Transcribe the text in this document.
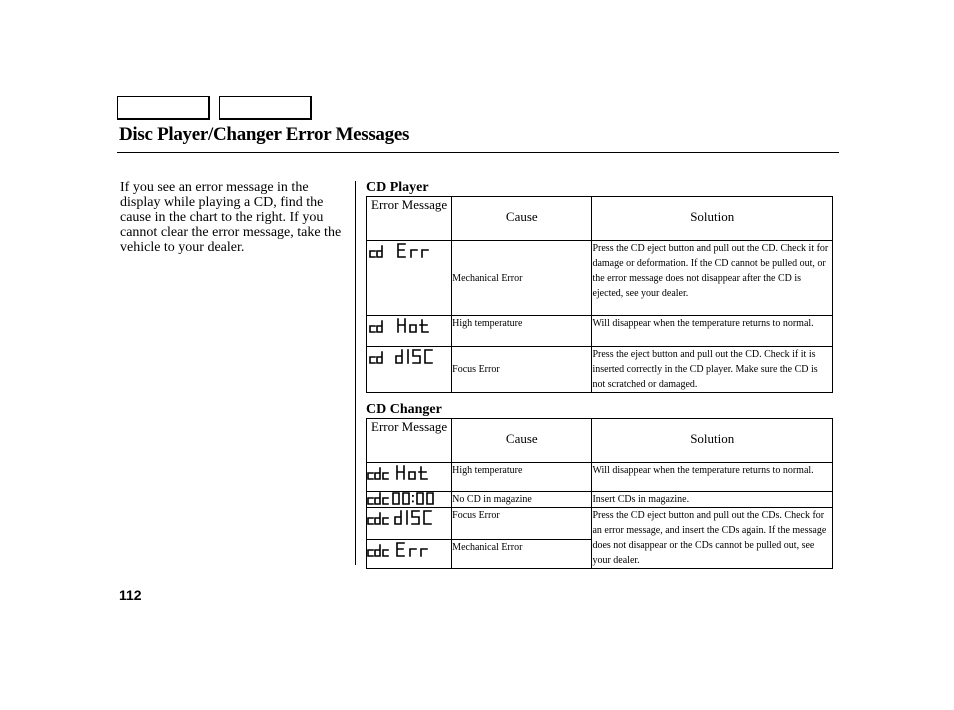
Disc Player/Changer Error Messages

If you see an error message in the display while playing a CD, find the cause in the chart to the right. If you cannot clear the error message, take the vehicle to your dealer.

CD Player
Error Message	Cause	Solution

	Mechanical Error	Press the CD eject button and pull out the CD. Check it for damage or deformation. If the CD cannot be pulled out, or the error message does not disappear after the CD is ejected, see your dealer.

	High temperature	Will disappear when the temperature returns to normal.

	Focus Error	Press the eject button and pull out the CD. Check if it is inserted correctly in the CD player. Make sure the CD is not scratched or damaged.
CD Changer
Error Message	Cause	Solution

	High temperature	Will disappear when the temperature returns to normal.

	No CD in magazine	Insert CDs in magazine.

	Focus Error	Press the CD eject button and pull out the CDs. Check for an error message, and insert the CDs again. If the message does not disappear or the CDs cannot be pulled out, see your dealer.

	Mechanical Error	
112
